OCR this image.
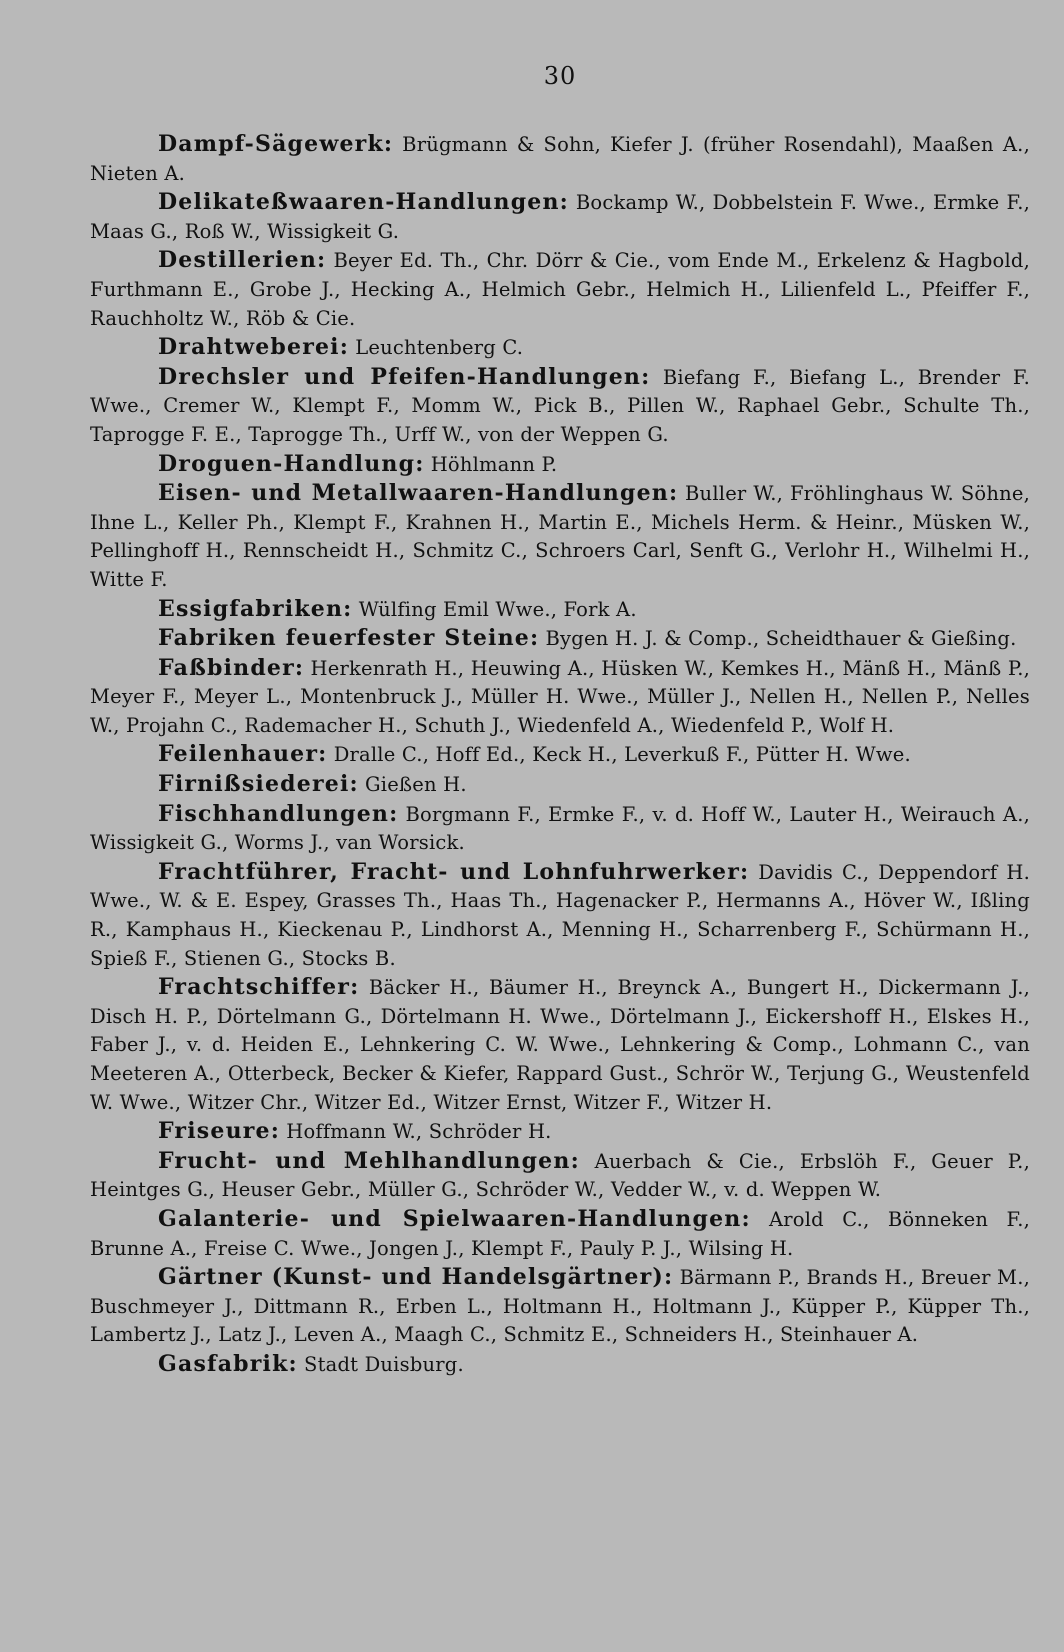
30

Dampf-Sägewerk: Brügmann & Sohn, Kiefer J. (früher Rosendahl), Maaßen A., Nieten A.

Delikateßwaaren-Handlungen: Bockamp W., Dobbelstein F. Wwe., Ermke F., Maas G., Roß W., Wissigkeit G.

Destillerien: Beyer Ed. Th., Chr. Dörr & Cie., vom Ende M., Erkelenz & Hagbold, Furthmann E., Grobe J., Hecking A., Helmich Gebr., Helmich H., Lilienfeld L., Pfeiffer F., Rauchholtz W., Röb & Cie.

Drahtweberei: Leuchtenberg C.

Drechsler und Pfeifen-Handlungen: Biefang F., Biefang L., Brender F. Wwe., Cremer W., Klempt F., Momm W., Pick B., Pillen W., Raphael Gebr., Schulte Th., Taprogge F. E., Taprogge Th., Urff W., von der Weppen G.

Droguen-Handlung: Höhlmann P.

Eisen- und Metallwaaren-Handlungen: Buller W., Fröhlinghaus W. Söhne, Ihne L., Keller Ph., Klempt F., Krahnen H., Martin E., Michels Herm. & Heinr., Müsken W., Pellinghoff H., Rennscheidt H., Schmitz C., Schroers Carl, Senft G., Verlohr H., Wilhelmi H., Witte F.

Essigfabriken: Wülfing Emil Wwe., Fork A.

Fabriken feuerfester Steine: Bygen H. J. & Comp., Scheidthauer & Gießing.

Faßbinder: Herkenrath H., Heuwing A., Hüsken W., Kemkes H., Mänß H., Mänß P., Meyer F., Meyer L., Montenbruck J., Müller H. Wwe., Müller J., Nellen H., Nellen P., Nelles W., Projahn C., Rademacher H., Schuth J., Wiedenfeld A., Wiedenfeld P., Wolf H.

Feilenhauer: Dralle C., Hoff Ed., Keck H., Leverkuß F., Pütter H. Wwe.

Firnißsiederei: Gießen H.

Fischhandlungen: Borgmann F., Ermke F., v. d. Hoff W., Lauter H., Weirauch A., Wissigkeit G., Worms J., van Worsick.

Frachtführer, Fracht- und Lohnfuhrwerker: Davidis C., Deppendorf H. Wwe., W. & E. Espey, Grasses Th., Haas Th., Hagenacker P., Hermanns A., Höver W., Ißling R., Kamphaus H., Kieckenau P., Lindhorst A., Menning H., Scharrenberg F., Schürmann H., Spieß F., Stienen G., Stocks B.

Frachtschiffer: Bäcker H., Bäumer H., Breynck A., Bungert H., Dickermann J., Disch H. P., Dörtelmann G., Dörtelmann H. Wwe., Dörtelmann J., Eickershoff H., Elskes H., Faber J., v. d. Heiden E., Lehnkering C. W. Wwe., Lehnkering & Comp., Lohmann C., van Meeteren A., Otterbeck, Becker & Kiefer, Rappard Gust., Schrör W., Terjung G., Weustenfeld W. Wwe., Witzer Chr., Witzer Ed., Witzer Ernst, Witzer F., Witzer H.

Friseure: Hoffmann W., Schröder H.

Frucht- und Mehlhandlungen: Auerbach & Cie., Erbslöh F., Geuer P., Heintges G., Heuser Gebr., Müller G., Schröder W., Vedder W., v. d. Weppen W.

Galanterie- und Spielwaaren-Handlungen: Arold C., Bönneken F., Brunne A., Freise C. Wwe., Jongen J., Klempt F., Pauly P. J., Wilsing H.

Gärtner (Kunst- und Handelsgärtner): Bärmann P., Brands H., Breuer M., Buschmeyer J., Dittmann R., Erben L., Holtmann H., Holtmann J., Küpper P., Küpper Th., Lambertz J., Latz J., Leven A., Maagh C., Schmitz E., Schneiders H., Steinhauer A.

Gasfabrik: Stadt Duisburg.
